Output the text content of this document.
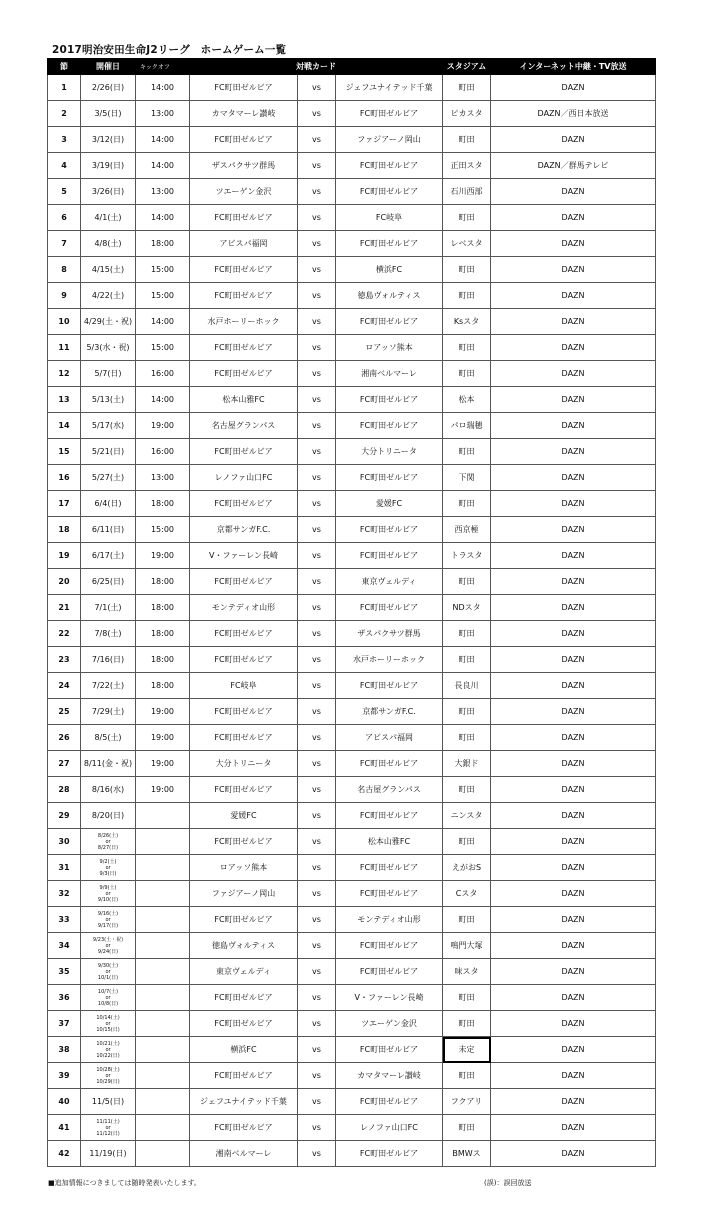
2017明治安田生命J2リーグ　ホームゲーム一覧
節	開催日	キックオフ	対戦カード			スタジアム	インターネット中継・TV放送
1	2/26(日)	14:00	FC町田ゼルビア	vs	ジェフユナイテッド千葉	町田	DAZN
2	3/5(日)	13:00	カマタマーレ讃岐	vs	FC町田ゼルビア	ピカスタ	DAZN／西日本放送
3	3/12(日)	14:00	FC町田ゼルビア	vs	ファジアーノ岡山	町田	DAZN
4	3/19(日)	14:00	ザスパクサツ群馬	vs	FC町田ゼルビア	正田スタ	DAZN／群馬テレビ
5	3/26(日)	13:00	ツエーゲン金沢	vs	FC町田ゼルビア	石川西部	DAZN
6	4/1(土)	14:00	FC町田ゼルビア	vs	FC岐阜	町田	DAZN
7	4/8(土)	18:00	アビスパ福岡	vs	FC町田ゼルビア	レベスタ	DAZN
8	4/15(土)	15:00	FC町田ゼルビア	vs	横浜FC	町田	DAZN
9	4/22(土)	15:00	FC町田ゼルビア	vs	徳島ヴォルティス	町田	DAZN
10	4/29(土・祝)	14:00	水戸ホーリーホック	vs	FC町田ゼルビア	Ksスタ	DAZN
11	5/3(水・祝)	15:00	FC町田ゼルビア	vs	ロアッソ熊本	町田	DAZN
12	5/7(日)	16:00	FC町田ゼルビア	vs	湘南ベルマーレ	町田	DAZN
13	5/13(土)	14:00	松本山雅FC	vs	FC町田ゼルビア	松本	DAZN
14	5/17(水)	19:00	名古屋グランパス	vs	FC町田ゼルビア	パロ瑞穂	DAZN
15	5/21(日)	16:00	FC町田ゼルビア	vs	大分トリニータ	町田	DAZN
16	5/27(土)	13:00	レノファ山口FC	vs	FC町田ゼルビア	下関	DAZN
17	6/4(日)	18:00	FC町田ゼルビア	vs	愛媛FC	町田	DAZN
18	6/11(日)	15:00	京都サンガF.C.	vs	FC町田ゼルビア	西京極	DAZN
19	6/17(土)	19:00	V・ファーレン長崎	vs	FC町田ゼルビア	トラスタ	DAZN
20	6/25(日)	18:00	FC町田ゼルビア	vs	東京ヴェルディ	町田	DAZN
21	7/1(土)	18:00	モンテディオ山形	vs	FC町田ゼルビア	NDスタ	DAZN
22	7/8(土)	18:00	FC町田ゼルビア	vs	ザスパクサツ群馬	町田	DAZN
23	7/16(日)	18:00	FC町田ゼルビア	vs	水戸ホーリーホック	町田	DAZN
24	7/22(土)	18:00	FC岐阜	vs	FC町田ゼルビア	長良川	DAZN
25	7/29(土)	19:00	FC町田ゼルビア	vs	京都サンガF.C.	町田	DAZN
26	8/5(土)	19:00	FC町田ゼルビア	vs	アビスパ福岡	町田	DAZN
27	8/11(金・祝)	19:00	大分トリニータ	vs	FC町田ゼルビア	大銀ド	DAZN
28	8/16(水)	19:00	FC町田ゼルビア	vs	名古屋グランパス	町田	DAZN
29	8/20(日)		愛媛FC	vs	FC町田ゼルビア	ニンスタ	DAZN
30	8/26(土)
or
8/27(日)		FC町田ゼルビア	vs	松本山雅FC	町田	DAZN
31	9/2(土)
or
9/3(日)		ロアッソ熊本	vs	FC町田ゼルビア	えがおS	DAZN
32	9/9(土)
or
9/10(日)		ファジアーノ岡山	vs	FC町田ゼルビア	Cスタ	DAZN
33	9/16(土)
or
9/17(日)		FC町田ゼルビア	vs	モンテディオ山形	町田	DAZN
34	9/23(土・祝)
or
9/24(日)		徳島ヴォルティス	vs	FC町田ゼルビア	鳴門大塚	DAZN
35	9/30(土)
or
10/1(日)		東京ヴェルディ	vs	FC町田ゼルビア	味スタ	DAZN
36	10/7(土)
or
10/8(日)		FC町田ゼルビア	vs	V・ファーレン長崎	町田	DAZN
37	10/14(土)
or
10/15(日)		FC町田ゼルビア	vs	ツエーゲン金沢	町田	DAZN
38	10/21(土)
or
10/22(日)		横浜FC	vs	FC町田ゼルビア	未定	DAZN
39	10/28(土)
or
10/29(日)		FC町田ゼルビア	vs	カマタマーレ讃岐	町田	DAZN
40	11/5(日)		ジェフユナイテッド千葉	vs	FC町田ゼルビア	フクアリ	DAZN
41	11/11(土)
or
11/12(日)		FC町田ゼルビア	vs	レノファ山口FC	町田	DAZN
42	11/19(日)		湘南ベルマーレ	vs	FC町田ゼルビア	BMWス	DAZN
■追加情報につきましては随時発表いたします。	(誤)：誤回放送
